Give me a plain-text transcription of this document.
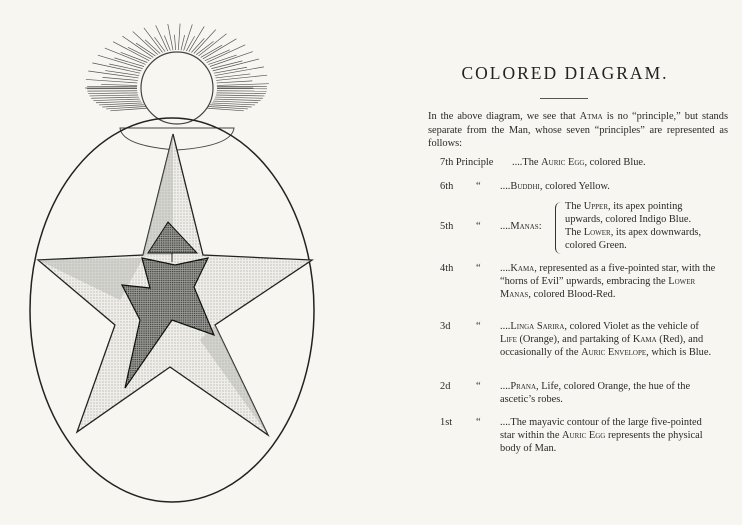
COLORED DIAGRAM.
In the above diagram, we see that Atma is no “principle,” but stands separate from the Man, whose seven “principles” are represented as follows:
7th Principle ....The Auric Egg, colored Blue.
6th “ ....Buddhi, colored Yellow.
5th “ ....Manas:
The Upper, its apex pointing upwards, colored Indigo Blue.
The Lower, its apex downwards, colored Green.
4th “ ....Kama, represented as a five-pointed star, with the “horns of Evil” upwards, embracing the Lower Manas, colored Blood-Red.
3d “ ....Linga Sarira, colored Violet as the vehicle of Life (Orange), and partaking of Kama (Red), and occasionally of the Auric Envelope, which is Blue.
2d “ ....Prana, Life, colored Orange, the hue of the ascetic’s robes.
1st “ ....The mayavic contour of the large five-pointed star within the Auric Egg represents the physical body of Man.
